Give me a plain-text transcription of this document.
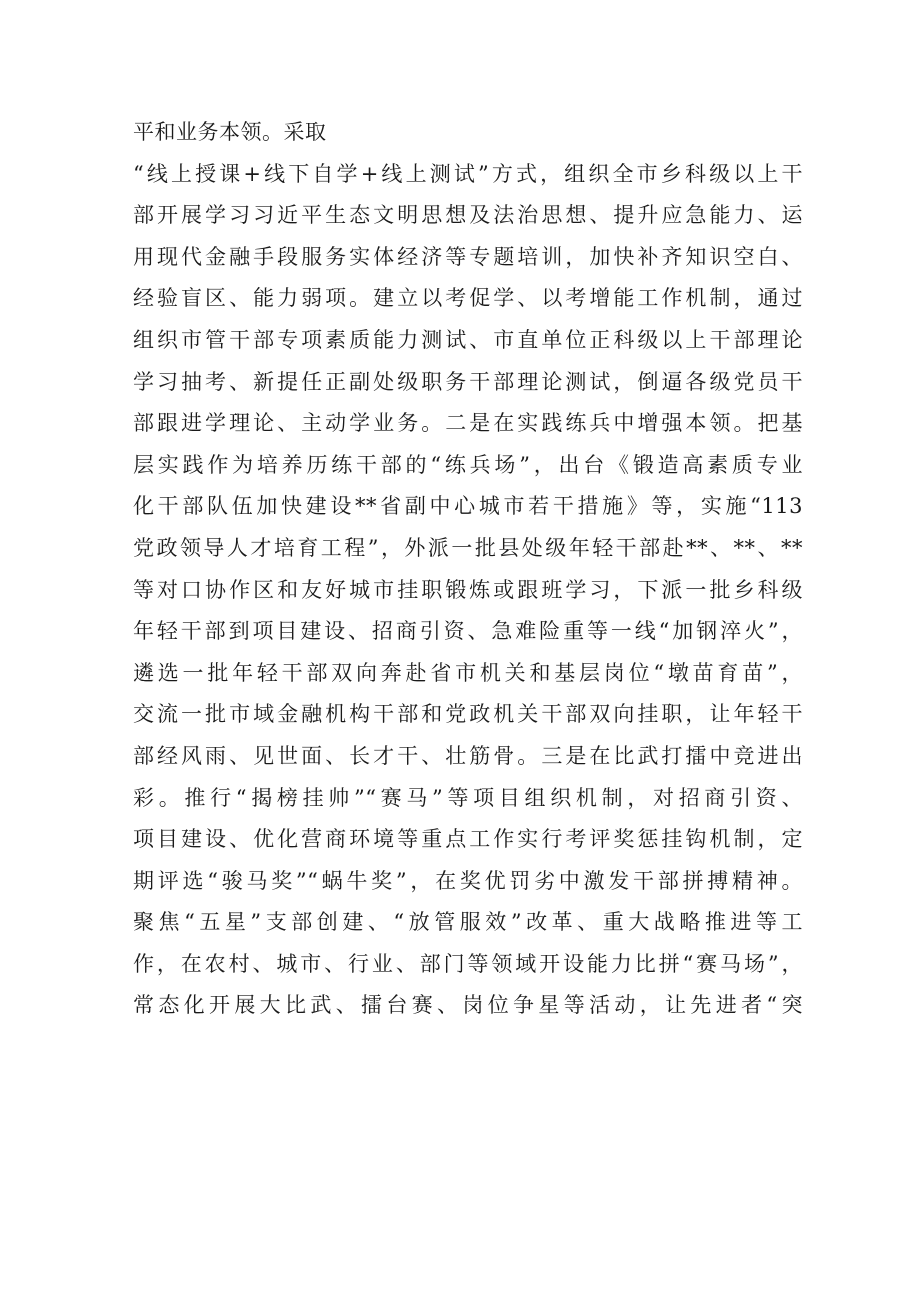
平和业务本领。采取
“线上授课+线下自学+线上测试”方式，组织全市乡科级以上干
部开展学习习近平生态文明思想及法治思想、提升应急能力、运
用现代金融手段服务实体经济等专题培训，加快补齐知识空白、
经验盲区、能力弱项。建立以考促学、以考增能工作机制，通过
组织市管干部专项素质能力测试、市直单位正科级以上干部理论
学习抽考、新提任正副处级职务干部理论测试，倒逼各级党员干
部跟进学理论、主动学业务。二是在实践练兵中增强本领。把基
层实践作为培养历练干部的“练兵场”，出台《锻造高素质专业
化干部队伍加快建设**省副中心城市若干措施》等，实施“113
党政领导人才培育工程”，外派一批县处级年轻干部赴**、**、**
等对口协作区和友好城市挂职锻炼或跟班学习，下派一批乡科级
年轻干部到项目建设、招商引资、急难险重等一线“加钢淬火”，
遴选一批年轻干部双向奔赴省市机关和基层岗位“墩苗育苗”，
交流一批市域金融机构干部和党政机关干部双向挂职，让年轻干
部经风雨、见世面、长才干、壮筋骨。三是在比武打擂中竞进出
彩。推行“揭榜挂帅”“赛马”等项目组织机制，对招商引资、
项目建设、优化营商环境等重点工作实行考评奖惩挂钩机制，定
期评选“骏马奖”“蜗牛奖”，在奖优罚劣中激发干部拼搏精神。
聚焦“五星”支部创建、“放管服效”改革、重大战略推进等工
作，在农村、城市、行业、部门等领域开设能力比拼“赛马场”，
常态化开展大比武、擂台赛、岗位争星等活动，让先进者“突
